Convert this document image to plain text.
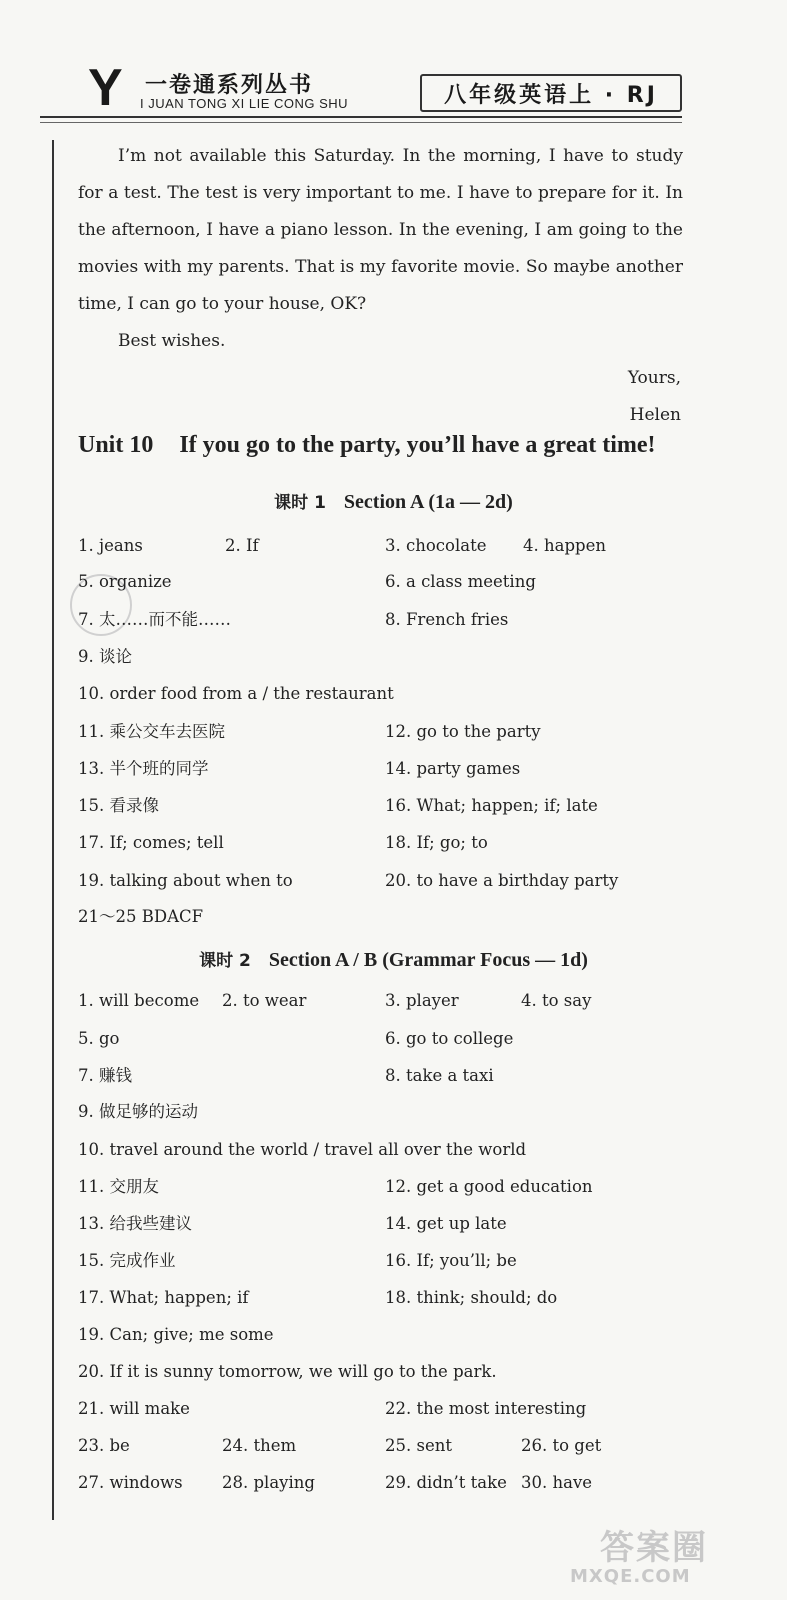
Y 一卷通系列丛书
I JUAN TONG XI LIE CONG SHU	八年级英语上 · RJ

I’m not available this Saturday. In the morning, I have to study for a test. The test is very important to me. I have to prepare for it. In the afternoon, I have a piano lesson. In the evening, I am going to the movies with my parents. That is my favorite movie. So maybe another time, I can go to your house, OK?

Best wishes.
Yours,
Helen
Unit 10 If you go to the party, you’ll have a great time!
课时 1 Section A (1a — 2d)
1. jeans	2. If	3. chocolate 4. happen
5. organize	6. a class meeting
7. 太……而不能……	8. French fries
9. 谈论
10. order food from a / the restaurant
11. 乘公交车去医院	12. go to the party
13. 半个班的同学	14. party games
15. 看录像	16. What; happen; if; late
17. If; comes; tell	18. If; go; to
19. talking about when to	20. to have a birthday party
21～25 BDACF
课时 2 Section A / B (Grammar Focus — 1d)
1. will become 2. to wear	3. player	4. to say
5. go	6. go to college
7. 赚钱	8. take a taxi
9. 做足够的运动
10. travel around the world / travel all over the world
11. 交朋友	12. get a good education
13. 给我些建议	14. get up late
15. 完成作业	16. If; you’ll; be
17. What; happen; if	18. think; should; do
19. Can; give; me some
20. If it is sunny tomorrow, we will go to the park.
21. will make	22. the most interesting
23. be	24. them	25. sent	26. to get
27. windows 28. playing	29. didn’t take 30. have
答案圈
MXQE.COM
